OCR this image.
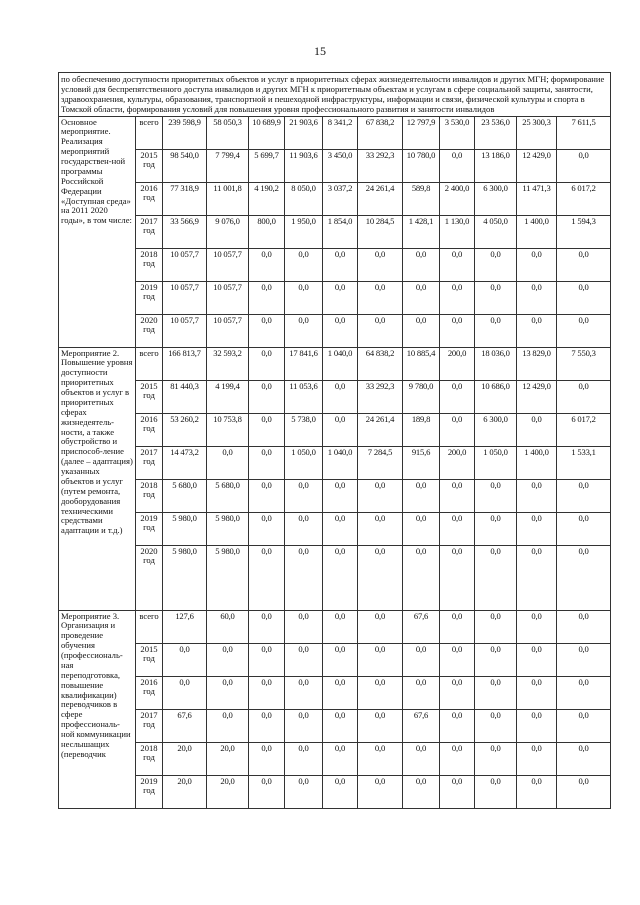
15
по обеспечению доступности приоритетных объектов и услуг в приоритетных сферах жизнедеятельности инвалидов и других МГН; формирование условий для беспрепятственного доступа инвалидов и других МГН к приоритетным объектам и услугам в сфере социальной защиты, занятости, здравоохранения, культуры, образования, транспортной и пешеходной инфраструктуры, информации и связи, физической культуры и спорта в Томской области, формирования условий для повышения уровня профессионального развития и занятости инвалидов												
Основное мероприятие. Реализация мероприятий государствен-ной программы Российской Федерации «Доступная среда» на 2011 2020 годы», в том числе:	всего	239 598,9	58 050,3	10 689,9	21 903,6	8 341,2	67 838,2	12 797,9	3 530,0	23 536,0	25 300,3	7 611,5
	2015 год	98 540,0	7 799,4	5 699,7	11 903,6	3 450,0	33 292,3	10 780,0	0,0	13 186,0	12 429,0	0,0
	2016 год	77 318,9	11 001,8	4 190,2	8 050,0	3 037,2	24 261,4	589,8	2 400,0	6 300,0	11 471,3	6 017,2
	2017 год	33 566,9	9 076,0	800,0	1 950,0	1 854,0	10 284,5	1 428,1	1 130,0	4 050,0	1 400,0	1 594,3
	2018 год	10 057,7	10 057,7	0,0	0,0	0,0	0,0	0,0	0,0	0,0	0,0	0,0
	2019 год	10 057,7	10 057,7	0,0	0,0	0,0	0,0	0,0	0,0	0,0	0,0	0,0
	2020 год	10 057,7	10 057,7	0,0	0,0	0,0	0,0	0,0	0,0	0,0	0,0	0,0
Мероприятие 2. Повышение уровня доступности приоритетных объектов и услуг в приоритетных сферах жизнедеятель-ности, а также обустройство и приспособ-ление (далее – адаптация) указанных объектов и услуг (путем ремонта, дооборудования техническими средствами адаптации и т.д.)	всего	166 813,7	32 593,2	0,0	17 841,6	1 040,0	64 838,2	10 885,4	200,0	18 036,0	13 829,0	7 550,3
	2015 год	81 440,3	4 199,4	0,0	11 053,6	0,0	33 292,3	9 780,0	0,0	10 686,0	12 429,0	0,0
	2016 год	53 260,2	10 753,8	0,0	5 738,0	0,0	24 261,4	189,8	0,0	6 300,0	0,0	6 017,2
	2017 год	14 473,2	0,0	0,0	1 050,0	1 040,0	7 284,5	915,6	200,0	1 050,0	1 400,0	1 533,1
	2018 год	5 680,0	5 680,0	0,0	0,0	0,0	0,0	0,0	0,0	0,0	0,0	0,0
	2019 год	5 980,0	5 980,0	0,0	0,0	0,0	0,0	0,0	0,0	0,0	0,0	0,0
	2020 год	5 980,0	5 980,0	0,0	0,0	0,0	0,0	0,0	0,0	0,0	0,0	0,0
Мероприятие 3. Организация и проведение обучения (профессиональ-ная переподготовка, повышение квалификации) переводчиков в сфере профессиональ-ной коммуникации неслышащих (переводчик	всего	127,6	60,0	0,0	0,0	0,0	0,0	67,6	0,0	0,0	0,0	0,0
	2015 год	0,0	0,0	0,0	0,0	0,0	0,0	0,0	0,0	0,0	0,0	0,0
	2016 год	0,0	0,0	0,0	0,0	0,0	0,0	0,0	0,0	0,0	0,0	0,0
	2017 год	67,6	0,0	0,0	0,0	0,0	0,0	67,6	0,0	0,0	0,0	0,0
	2018 год	20,0	20,0	0,0	0,0	0,0	0,0	0,0	0,0	0,0	0,0	0,0
	2019 год	20,0	20,0	0,0	0,0	0,0	0,0	0,0	0,0	0,0	0,0	0,0
